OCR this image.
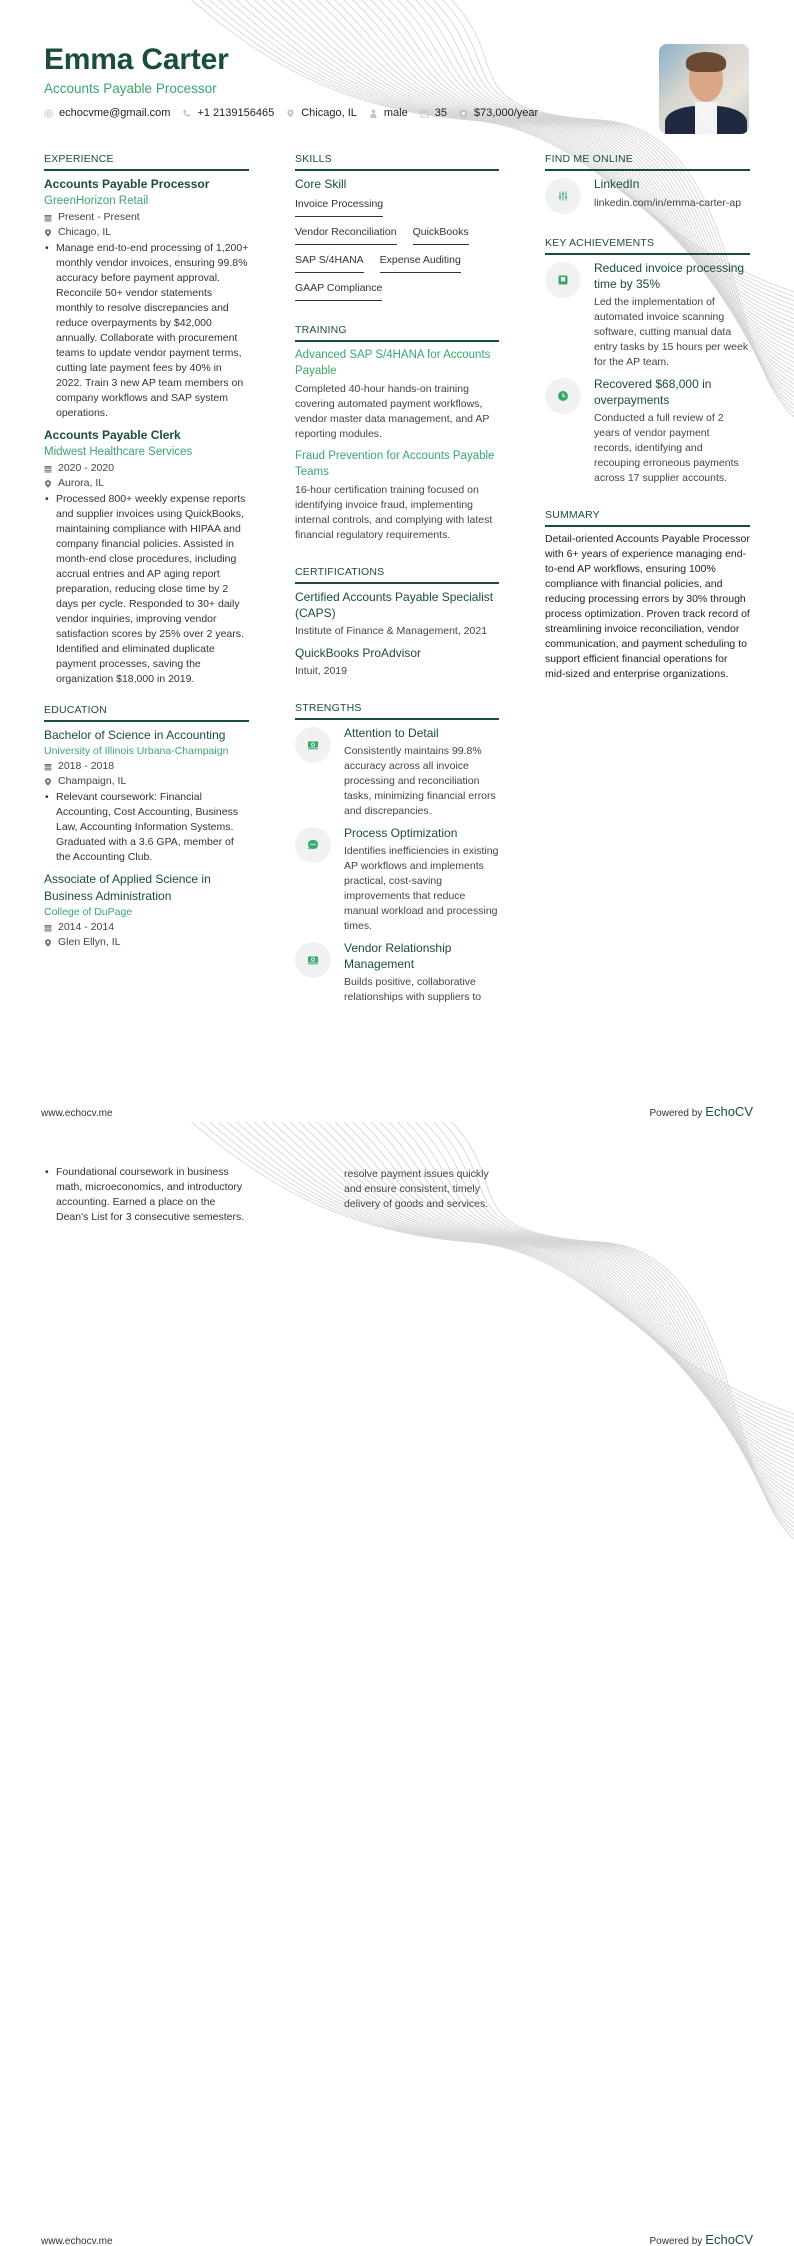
Emma Carter
Accounts Payable Processor
echocvme@gmail.com +1 2139156465 Chicago, IL male 35 $73,000/year
EXPERIENCE
Accounts Payable Processor
GreenHorizon Retail
Present - Present
Chicago, IL
• Manage end-to-end processing of 1,200+ monthly vendor invoices, ensuring 99.8% accuracy before payment approval. Reconcile 50+ vendor statements monthly to resolve discrepancies and reduce overpayments by $42,000 annually. Collaborate with procurement teams to update vendor payment terms, cutting late payment fees by 40% in 2022. Train 3 new AP team members on company workflows and SAP system operations.
Accounts Payable Clerk
Midwest Healthcare Services
2020 - 2020
Aurora, IL
• Processed 800+ weekly expense reports and supplier invoices using QuickBooks, maintaining compliance with HIPAA and company financial policies. Assisted in month-end close procedures, including accrual entries and AP aging report preparation, reducing close time by 2 days per cycle. Responded to 30+ daily vendor inquiries, improving vendor satisfaction scores by 25% over 2 years. Identified and eliminated duplicate payment processes, saving the organization $18,000 in 2019.
EDUCATION
Bachelor of Science in Accounting
University of Illinois Urbana-Champaign
2018 - 2018
Champaign, IL
• Relevant coursework: Financial Accounting, Cost Accounting, Business Law, Accounting Information Systems. Graduated with a 3.6 GPA, member of the Accounting Club.
Associate of Applied Science in Business Administration
College of DuPage
2014 - 2014
Glen Ellyn, IL
SKILLS
Core Skill
Invoice Processing
Vendor Reconciliation QuickBooks
SAP S/4HANA Expense Auditing
GAAP Compliance
TRAINING
Advanced SAP S/4HANA for Accounts Payable
Completed 40-hour hands-on training covering automated payment workflows, vendor master data management, and AP reporting modules.
Fraud Prevention for Accounts Payable Teams
16-hour certification training focused on identifying invoice fraud, implementing internal controls, and complying with latest financial regulatory requirements.
CERTIFICATIONS
Certified Accounts Payable Specialist (CAPS)
Institute of Finance & Management, 2021
QuickBooks ProAdvisor
Intuit, 2019
STRENGTHS
Attention to Detail
Consistently maintains 99.8% accuracy across all invoice processing and reconciliation tasks, minimizing financial errors and discrepancies.
Process Optimization
Identifies inefficiencies in existing AP workflows and implements practical, cost-saving improvements that reduce manual workload and processing times.
Vendor Relationship Management
Builds positive, collaborative relationships with suppliers to
FIND ME ONLINE
LinkedIn
linkedin.com/in/emma-carter-ap
KEY ACHIEVEMENTS
Reduced invoice processing time by 35%
Led the implementation of automated invoice scanning software, cutting manual data entry tasks by 15 hours per week for the AP team.
Recovered $68,000 in overpayments
Conducted a full review of 2 years of vendor payment records, identifying and recouping erroneous payments across 17 supplier accounts.
SUMMARY
Detail-oriented Accounts Payable Processor with 6+ years of experience managing end-to-end AP workflows, ensuring 100% compliance with financial policies, and reducing processing errors by 30% through process optimization. Proven track record of streamlining invoice reconciliation, vendor communication, and payment scheduling to support efficient financial operations for mid-sized and enterprise organizations.
www.echocv.me	Powered by EchoCV
• Foundational coursework in business math, microeconomics, and introductory accounting. Earned a place on the Dean's List for 3 consecutive semesters.
resolve payment issues quickly and ensure consistent, timely delivery of goods and services.
www.echocv.me	Powered by EchoCV
